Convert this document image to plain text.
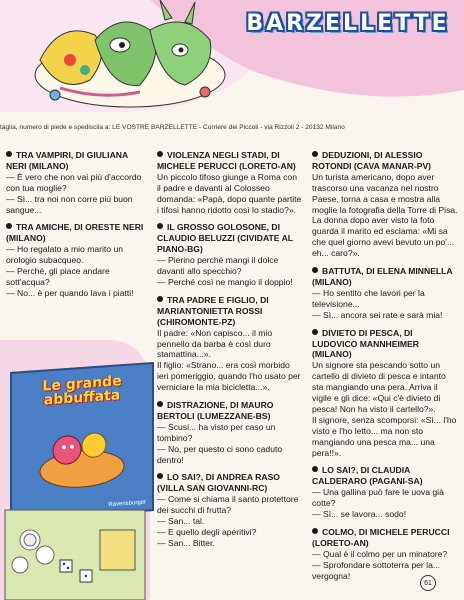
BARZELLETTE
taglia, numero di piede e spediscila a: LE VOSTRE BARZELLETTE - Corriere dei Piccoli - via Rizzoli 2 - 20132 Milano
TRA VAMPIRI, DI GIULIANA NERI (MILANO)
— È vero che non vai più d'accordo con tua moglie?
— Sì... tra noi non corre più buon sangue...
TRA AMICHE, DI ORESTE NERI (MILANO)
— Ho regalato a mio marito un orologio subacqueo.
— Perché, gli piace andare sott'acqua?
— No... è per quando lava i piatti!
Le grande abbuffata
Ravensburger
VIOLENZA NEGLI STADI, DI MICHELE PERUCCI (LORETO-AN)
Un piccolo tifoso giunge a Roma con il padre e davanti al Colosseo domanda: «Papà, dopo quante partite i tifosi hanno ridotto così lo stadio?».
IL GROSSO GOLOSONE, DI CLAUDIO BELUZZI (CIVIDATE AL PIANO-BG)
— Pierino perché mangi il dolce davanti allo specchio?
— Perché così ne mangio il doppio!
TRA PADRE E FIGLIO, DI MARIANTONIETTA ROSSI (CHIROMONTE-PZ)
Il padre: «Non capisco... il mio pennello da barba è così duro stamattina...».
Il figlio: «Strano... era così morbido ieri pomeriggio, quando l'ho usato per verniciare la mia bicicletta...».
DISTRAZIONE, DI MAURO BERTOLI (LUMEZZANE-BS)
— Scusi... ha visto per caso un tombino?
— No, per questo ci sono caduto dentro!
LO SAI?, DI ANDREA RASO (VILLA SAN GIOVANNI-RC)
— Come si chiama il santo protettore dei succhi di frutta?
— San... tal.
— E quello degli aperitivi?
— San... Bitter.
DEDUZIONI, DI ALESSIO ROTONDI (CAVA MANAR-PV)
Un turista americano, dopo aver trascorso una vacanza nel nostro Paese, torna a casa e mostra alla moglie la fotografia della Torre di Pisa. La donna dopo aver visto la foto guarda il marito ed esclama: «Mi sa che quel giorno avevi bevuto un po'... eh... caro?».
BATTUTA, DI ELENA MINNELLA (MILANO)
— Ho sentito che lavori per la televisione...
— Sì... ancora sei rate e sarà mia!
DIVIETO DI PESCA, DI LUDOVICO MANNHEIMER (MILANO)
Un signore sta pescando sotto un cartello di divieto di pesca e intanto sta mangiando una pera. Arriva il vigile e gli dice: «Qui c'è divieto di pesca! Non ha visto il cartello?».
Il signore, senza scomporsi: «Sì... l'ho visto e l'ho letto... ma non sto mangiando una pesca ma... una pera!!».
LO SAI?, DI CLAUDIA CALDERARO (PAGANI-SA)
— Una gallina può fare le uova già cotte?
— Sì... se lavora... sodo!
COLMO, DI MICHELE PERUCCI (LORETO-AN)
— Qual è il colmo per un minatore?
— Sprofondare sottoterra per la... vergogna!
61
